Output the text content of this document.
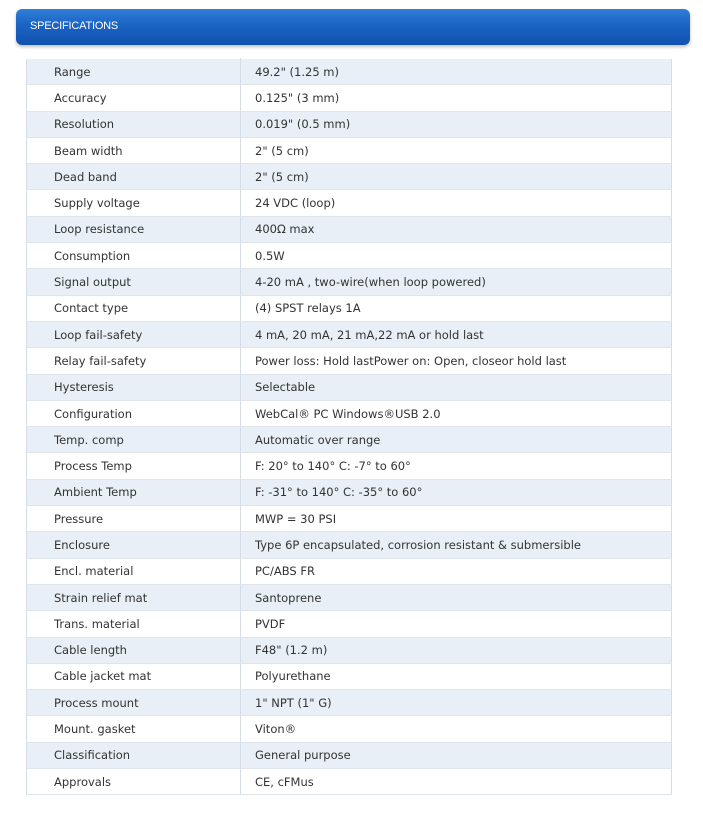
SPECIFICATIONS
Range	49.2" (1.25 m)
Accuracy	0.125" (3 mm)
Resolution	0.019" (0.5 mm)
Beam width	2" (5 cm)
Dead band	2" (5 cm)
Supply voltage	24 VDC (loop)
Loop resistance	400Ω max
Consumption	0.5W
Signal output	4-20 mA , two-wire(when loop powered)
Contact type	(4) SPST relays 1A
Loop fail-safety	4 mA, 20 mA, 21 mA,22 mA or hold last
Relay fail-safety	Power loss: Hold lastPower on: Open, closeor hold last
Hysteresis	Selectable
Configuration	WebCal® PC Windows®USB 2.0
Temp. comp	Automatic over range
Process Temp	F: 20° to 140° C: -7° to 60°
Ambient Temp	F: -31° to 140° C: -35° to 60°
Pressure	MWP = 30 PSI
Enclosure	Type 6P encapsulated, corrosion resistant & submersible
Encl. material	PC/ABS FR
Strain relief mat	Santoprene
Trans. material	PVDF
Cable length	F48" (1.2 m)
Cable jacket mat	Polyurethane
Process mount	1" NPT (1" G)
Mount. gasket	Viton®
Classification	General purpose
Approvals	CE, cFMus
